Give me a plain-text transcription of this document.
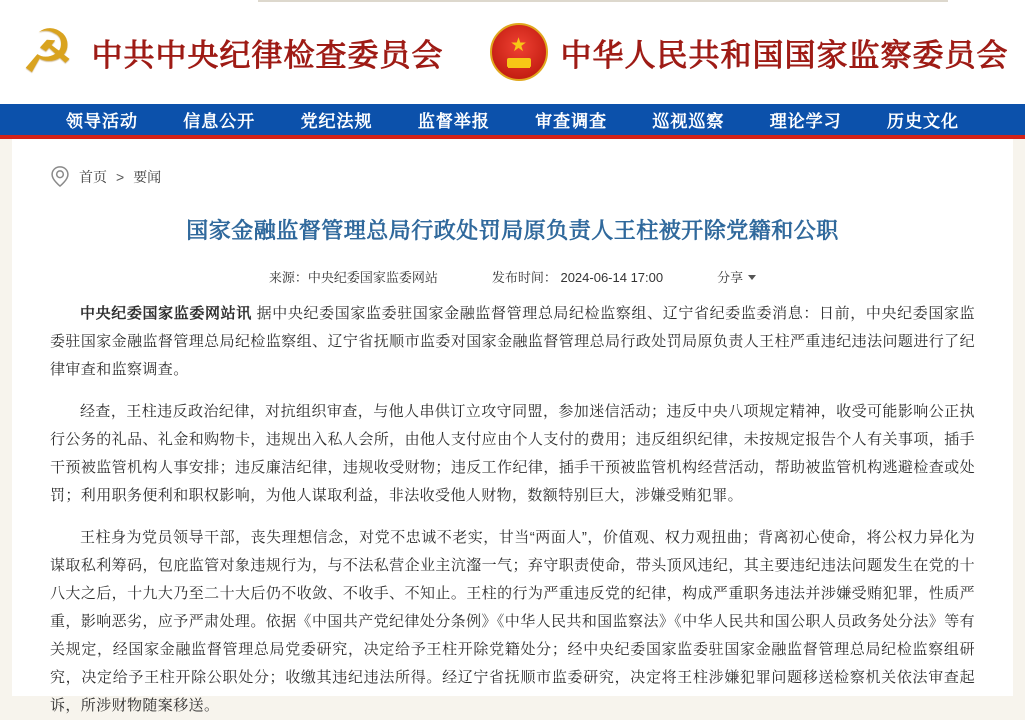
☭ 中共中央纪律检查委员会	★ 中华人民共和国国家监察委员会
领导活动	信息公开	党纪法规	监督举报	审查调查	巡视巡察	理论学习	历史文化
首页 > 要闻
国家金融监督管理总局行政处罚局原负责人王柱被开除党籍和公职
来源：中央纪委国家监委网站	发布时间： 2024-06-14 17:00	分享

中央纪委国家监委网站讯 据中央纪委国家监委驻国家金融监督管理总局纪检监察组、辽宁省纪委监委消息：日前，中央纪委国家监委驻国家金融监督管理总局纪检监察组、辽宁省抚顺市监委对国家金融监督管理总局行政处罚局原负责人王柱严重违纪违法问题进行了纪律审查和监察调查。

经查，王柱违反政治纪律，对抗组织审查，与他人串供订立攻守同盟，参加迷信活动；违反中央八项规定精神，收受可能影响公正执行公务的礼品、礼金和购物卡，违规出入私人会所，由他人支付应由个人支付的费用；违反组织纪律，未按规定报告个人有关事项，插手干预被监管机构人事安排；违反廉洁纪律，违规收受财物；违反工作纪律，插手干预被监管机构经营活动，帮助被监管机构逃避检查或处罚；利用职务便利和职权影响，为他人谋取利益，非法收受他人财物，数额特别巨大，涉嫌受贿犯罪。

王柱身为党员领导干部，丧失理想信念，对党不忠诚不老实，甘当“两面人”，价值观、权力观扭曲；背离初心使命，将公权力异化为谋取私利筹码，包庇监管对象违规行为，与不法私营企业主沆瀣一气；弃守职责使命，带头顶风违纪，其主要违纪违法问题发生在党的十八大之后，十九大乃至二十大后仍不收敛、不收手、不知止。王柱的行为严重违反党的纪律，构成严重职务违法并涉嫌受贿犯罪，性质严重，影响恶劣，应予严肃处理。依据《中国共产党纪律处分条例》《中华人民共和国监察法》《中华人民共和国公职人员政务处分法》等有关规定，经国家金融监督管理总局党委研究，决定给予王柱开除党籍处分；经中央纪委国家监委驻国家金融监督管理总局纪检监察组研究，决定给予王柱开除公职处分；收缴其违纪违法所得。经辽宁省抚顺市监委研究，决定将王柱涉嫌犯罪问题移送检察机关依法审查起诉，所涉财物随案移送。
